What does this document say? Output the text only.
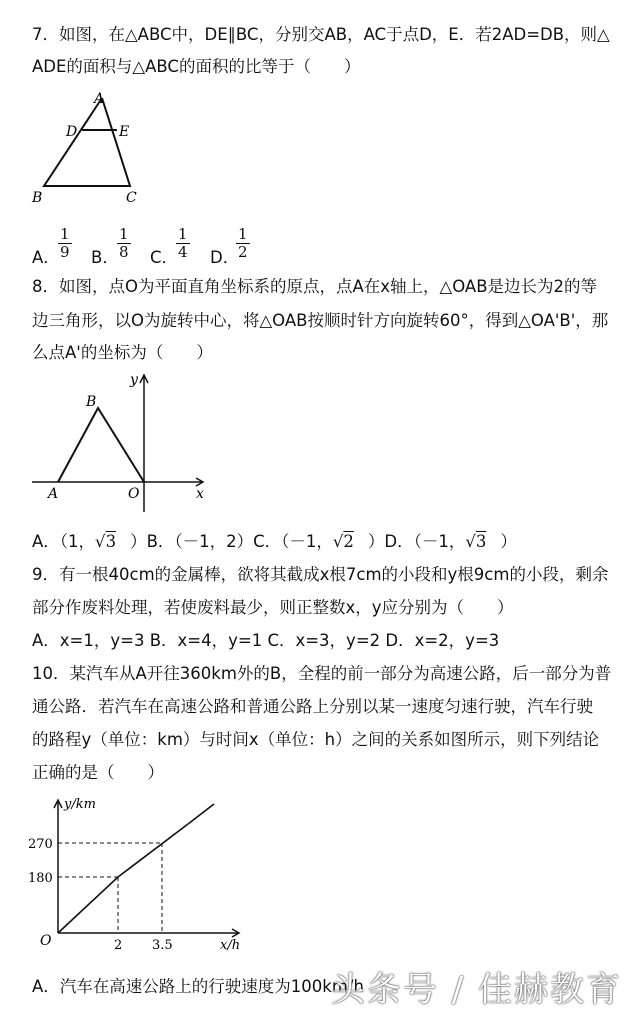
7．如图，在△ABC中，DE∥BC，分别交AB，AC于点D，E．若2AD=DB，则△
ADE的面积与△ABC的面积的比等于（　　）
A
D	E
B	C
A．
$\frac{1}{9}$ B．
$\frac{1}{8}$ C．
$\frac{1}{4}$ D．
$\frac{1}{2}$
8．如图，点O为平面直角坐标系的原点，点A在x轴上，△OAB是边长为2的等
边三角形，以O为旋转中心，将△OAB按顺时针方向旋转60°，得到△OA'B'，那
么点A'的坐标为（　　）
y
x
B
A	O
A．（1，√3 ）B．（－1，2）C．（－1，√2 ）D．（－1，√3 ）
9．有一根40cm的金属棒，欲将其截成x根7cm的小段和y根9cm的小段，剩余
部分作废料处理，若使废料最少，则正整数x，y应分别为（　　）
A．x=1，y=3 B．x=4，y=1 C．x=3，y=2 D．x=2，y=3
10．某汽车从A开往360km外的B，全程的前一部分为高速公路，后一部分为普
通公路．若汽车在高速公路和普通公路上分别以某一速度匀速行驶，汽车行驶
的路程y（单位：km）与时间x（单位：h）之间的关系如图所示，则下列结论
正确的是（　　）
y/km
x/h
O
270
180
2 3.5
A．汽车在高速公路上的行驶速度为100km/h
头条号 / 佳赫教育
